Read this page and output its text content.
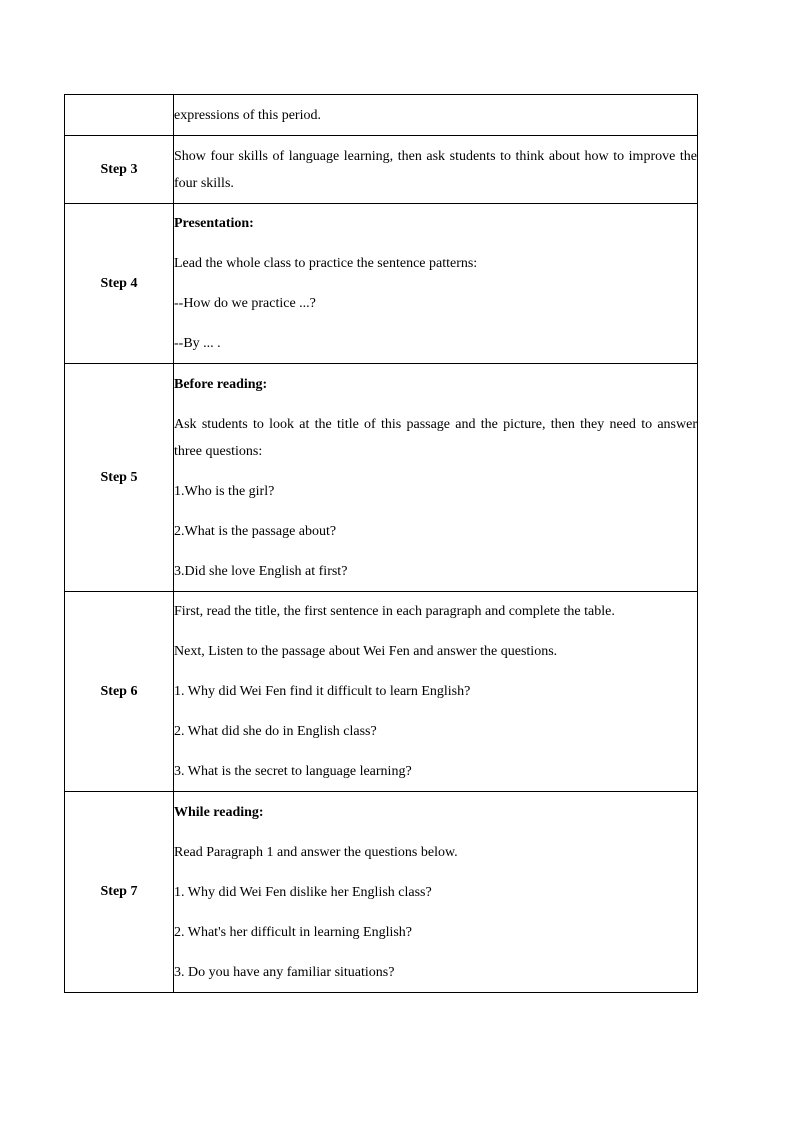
	expressions of this period.

Step 3	Show four skills of language learning, then ask students to think about how to improve the four skills.

Step 4	Presentation:

Lead the whole class to practice the sentence patterns:

--How do we practice ...?

--By ... .

Step 5	Before reading:

Ask students to look at the title of this passage and the picture, then they need to answer three questions:

1.Who is the girl?

2.What is the passage about?

3.Did she love English at first?

Step 6	First, read the title, the first sentence in each paragraph and complete the table.

Next, Listen to the passage about Wei Fen and answer the questions.

1. Why did Wei Fen find it difficult to learn English?

2. What did she do in English class?

3. What is the secret to language learning?

Step 7	While reading:

Read Paragraph 1 and answer the questions below.

1. Why did Wei Fen dislike her English class?

2. What's her difficult in learning English?

3. Do you have any familiar situations?
